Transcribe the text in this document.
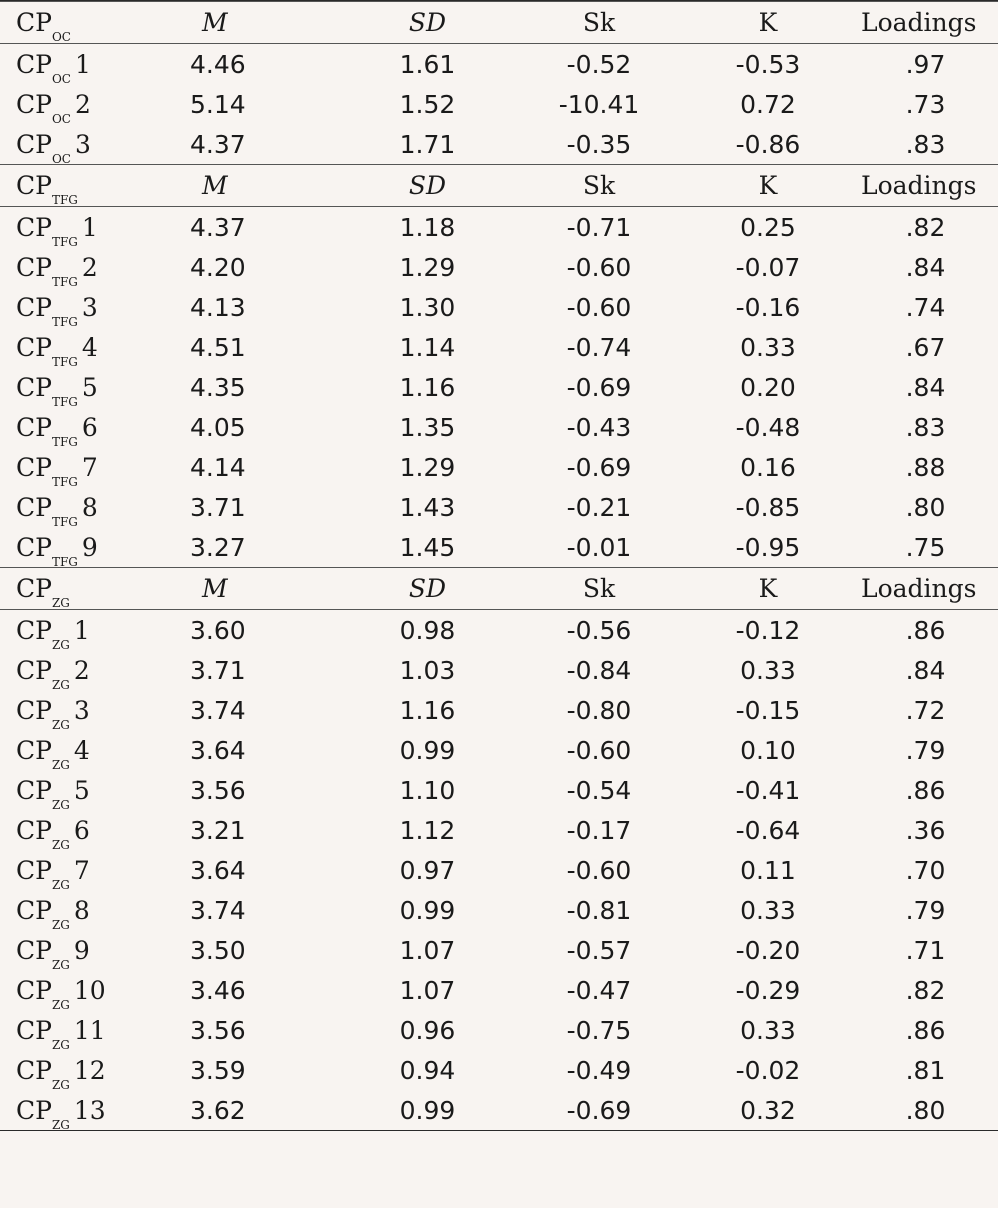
$CP_{OC}$	M	SD	Sk	K	Loadings
$CP_{OC}$ 1	4.46	1.61	-0.52	-0.53	.97
$CP_{OC}$ 2	5.14	1.52	-10.41	0.72	.73
$CP_{OC}$ 3	4.37	1.71	-0.35	-0.86	.83
$CP_{TFG}$	M	SD	Sk	K	Loadings
$CP_{TFG}$ 1	4.37	1.18	-0.71	0.25	.82
$CP_{TFG}$ 2	4.20	1.29	-0.60	-0.07	.84
$CP_{TFG}$ 3	4.13	1.30	-0.60	-0.16	.74
$CP_{TFG}$ 4	4.51	1.14	-0.74	0.33	.67
$CP_{TFG}$ 5	4.35	1.16	-0.69	0.20	.84
$CP_{TFG}$ 6	4.05	1.35	-0.43	-0.48	.83
$CP_{TFG}$ 7	4.14	1.29	-0.69	0.16	.88
$CP_{TFG}$ 8	3.71	1.43	-0.21	-0.85	.80
$CP_{TFG}$ 9	3.27	1.45	-0.01	-0.95	.75
$CP_{ZG}$	M	SD	Sk	K	Loadings
$CP_{ZG}$ 1	3.60	0.98	-0.56	-0.12	.86
$CP_{ZG}$ 2	3.71	1.03	-0.84	0.33	.84
$CP_{ZG}$ 3	3.74	1.16	-0.80	-0.15	.72
$CP_{ZG}$ 4	3.64	0.99	-0.60	0.10	.79
$CP_{ZG}$ 5	3.56	1.10	-0.54	-0.41	.86
$CP_{ZG}$ 6	3.21	1.12	-0.17	-0.64	.36
$CP_{ZG}$ 7	3.64	0.97	-0.60	0.11	.70
$CP_{ZG}$ 8	3.74	0.99	-0.81	0.33	.79
$CP_{ZG}$ 9	3.50	1.07	-0.57	-0.20	.71
$CP_{ZG}$ 10	3.46	1.07	-0.47	-0.29	.82
$CP_{ZG}$ 11	3.56	0.96	-0.75	0.33	.86
$CP_{ZG}$ 12	3.59	0.94	-0.49	-0.02	.81
$CP_{ZG}$ 13	3.62	0.99	-0.69	0.32	.80
